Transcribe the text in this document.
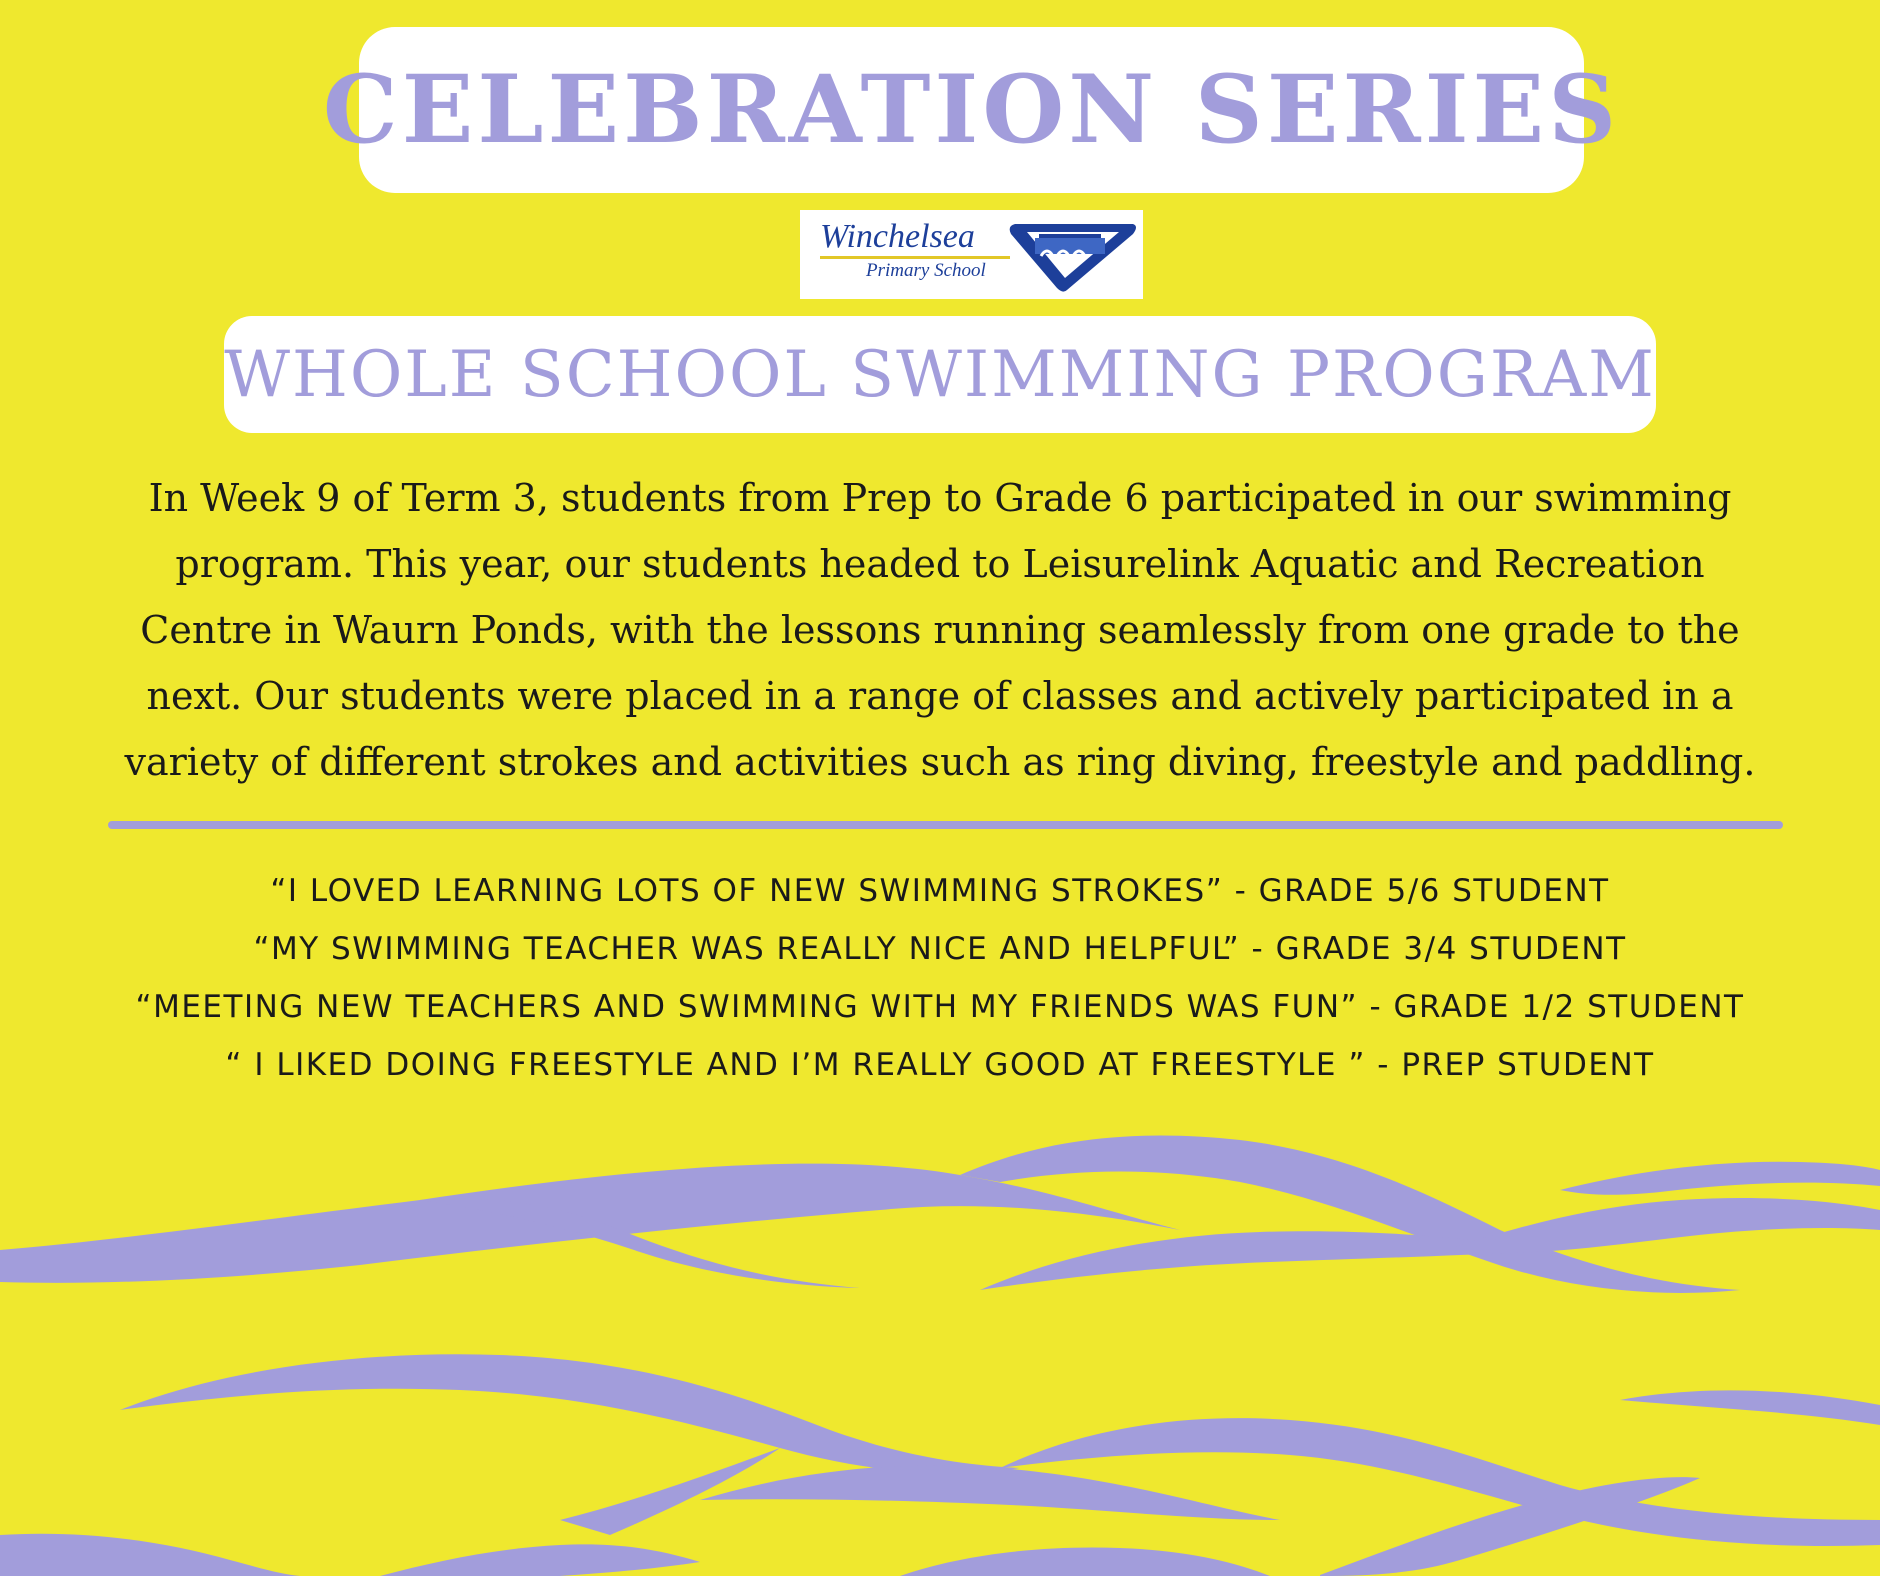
CELEBRATION SERIES
Winchelsea
Primary School
WHOLE SCHOOL SWIMMING PROGRAM
In Week 9 of Term 3, students from Prep to Grade 6 participated in our swimming
program. This year, our students headed to Leisurelink Aquatic and Recreation
Centre in Waurn Ponds, with the lessons running seamlessly from one grade to the
next. Our students were placed in a range of classes and actively participated in a
variety of different strokes and activities such as ring diving, freestyle and paddling.
“I LOVED LEARNING LOTS OF NEW SWIMMING STROKES” - GRADE 5/6 STUDENT
“MY SWIMMING TEACHER WAS REALLY NICE AND HELPFUL” - GRADE 3/4 STUDENT
“MEETING NEW TEACHERS AND SWIMMING WITH MY FRIENDS WAS FUN” - GRADE 1/2 STUDENT
“ I LIKED DOING FREESTYLE AND I’M REALLY GOOD AT FREESTYLE ” - PREP STUDENT
